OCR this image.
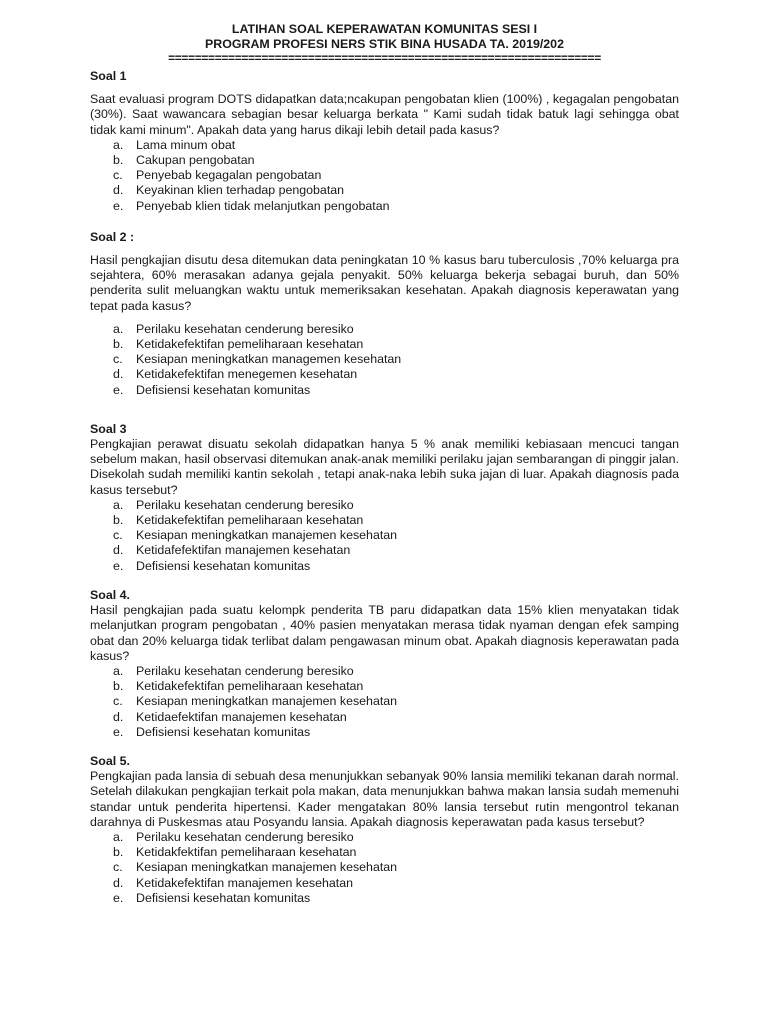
LATIHAN SOAL KEPERAWATAN KOMUNITAS SESI I
PROGRAM PROFESI NERS STIK BINA HUSADA TA. 2019/202
=================================================================
Soal 1
Saat evaluasi program DOTS didapatkan data;ncakupan pengobatan klien (100%) , kegagalan pengobatan (30%). Saat wawancara sebagian besar keluarga berkata " Kami sudah tidak batuk lagi sehingga obat tidak kami minum". Apakah data yang harus dikaji lebih detail pada kasus?
a.	Lama minum obat
b.	Cakupan pengobatan
c.	Penyebab kegagalan pengobatan
d.	Keyakinan klien terhadap pengobatan
e.	Penyebab klien tidak melanjutkan pengobatan
Soal 2 :
Hasil pengkajian disutu desa ditemukan data peningkatan 10 % kasus baru tuberculosis ,70% keluarga pra sejahtera, 60% merasakan adanya gejala penyakit. 50% keluarga bekerja sebagai buruh, dan 50% penderita sulit meluangkan waktu untuk memeriksakan kesehatan. Apakah diagnosis keperawatan yang tepat pada kasus?
a.	Perilaku kesehatan cenderung beresiko
b.	Ketidakefektifan pemeliharaan kesehatan
c.	Kesiapan meningkatkan managemen kesehatan
d.	Ketidakefektifan menegemen kesehatan
e.	Defisiensi kesehatan komunitas
Soal 3
Pengkajian perawat disuatu sekolah didapatkan hanya 5 % anak memiliki kebiasaan mencuci tangan sebelum makan, hasil observasi ditemukan anak-anak memiliki perilaku jajan sembarangan di pinggir jalan. Disekolah sudah memiliki kantin sekolah , tetapi anak-naka lebih suka jajan di luar. Apakah diagnosis pada kasus tersebut?
a.	Perilaku kesehatan cenderung beresiko
b.	Ketidakefektifan pemeliharaan kesehatan
c.	Kesiapan meningkatkan manajemen kesehatan
d.	Ketidafefektifan manajemen kesehatan
e.	Defisiensi kesehatan komunitas
Soal 4.
Hasil pengkajian pada suatu kelompk penderita TB paru didapatkan data 15% klien menyatakan tidak melanjutkan program pengobatan , 40% pasien menyatakan merasa tidak nyaman dengan efek samping obat dan 20% keluarga tidak terlibat dalam pengawasan minum obat. Apakah diagnosis keperawatan pada kasus?
a.	Perilaku kesehatan cenderung beresiko
b.	Ketidakefektifan pemeliharaan kesehatan
c.	Kesiapan meningkatkan manajemen kesehatan
d.	Ketidaefektifan manajemen kesehatan
e.	Defisiensi kesehatan komunitas
Soal 5.
Pengkajian pada lansia di sebuah desa menunjukkan sebanyak 90% lansia memiliki tekanan darah normal. Setelah dilakukan pengkajian terkait pola makan, data menunjukkan bahwa makan lansia sudah memenuhi standar untuk penderita hipertensi. Kader mengatakan 80% lansia tersebut rutin mengontrol tekanan darahnya di Puskesmas atau Posyandu lansia. Apakah diagnosis keperawatan pada kasus tersebut?
a.	Perilaku kesehatan cenderung beresiko
b.	Ketidakfektifan pemeliharaan kesehatan
c.	Kesiapan meningkatkan manajemen kesehatan
d.	Ketidakefektifan manajemen kesehatan
e.	Defisiensi kesehatan komunitas
